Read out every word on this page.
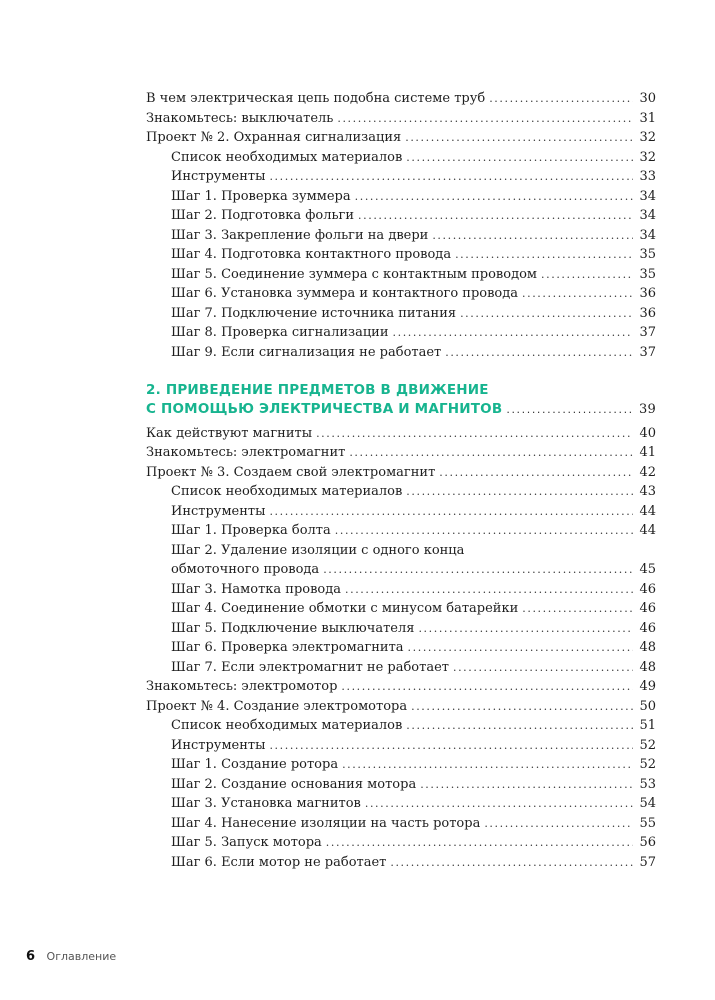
В чем электрическая цепь подобна системе труб .....	30
Знакомьтесь: выключатель .....	31
Проект № 2. Охранная сигнализация .....	32
Список необходимых материалов .....	32
Инструменты .....	33
Шаг 1. Проверка зуммера .....	34
Шаг 2. Подготовка фольги .....	34
Шаг 3. Закрепление фольги на двери .....	34
Шаг 4. Подготовка контактного провода .....	35
Шаг 5. Соединение зуммера с контактным проводом .....	35
Шаг 6. Установка зуммера и контактного провода .....	36
Шаг 7. Подключение источника питания .....	36
Шаг 8. Проверка сигнализации .....	37
Шаг 9. Если сигнализация не работает .....	37
2. ПРИВЕДЕНИЕ ПРЕДМЕТОВ В ДВИЖЕНИЕ
С ПОМОЩЬЮ ЭЛЕКТРИЧЕСТВА И МАГНИТОВ .....	39
Как действуют магниты .....	40
Знакомьтесь: электромагнит .....	41
Проект № 3. Создаем свой электромагнит .....	42
Список необходимых материалов .....	43
Инструменты .....	44
Шаг 1. Проверка болта .....	44
Шаг 2. Удаление изоляции с одного конца
обмоточного провода .....	45
Шаг 3. Намотка провода .....	46
Шаг 4. Соединение обмотки с минусом батарейки .....	46
Шаг 5. Подключение выключателя .....	46
Шаг 6. Проверка электромагнита .....	48
Шаг 7. Если электромагнит не работает .....	48
Знакомьтесь: электромотор .....	49
Проект № 4. Создание электромотора .....	50
Список необходимых материалов .....	51
Инструменты .....	52
Шаг 1. Создание ротора .....	52
Шаг 2. Создание основания мотора .....	53
Шаг 3. Установка магнитов .....	54
Шаг 4. Нанесение изоляции на часть ротора .....	55
Шаг 5. Запуск мотора .....	56
Шаг 6. Если мотор не работает .....	57
6 Оглавление
